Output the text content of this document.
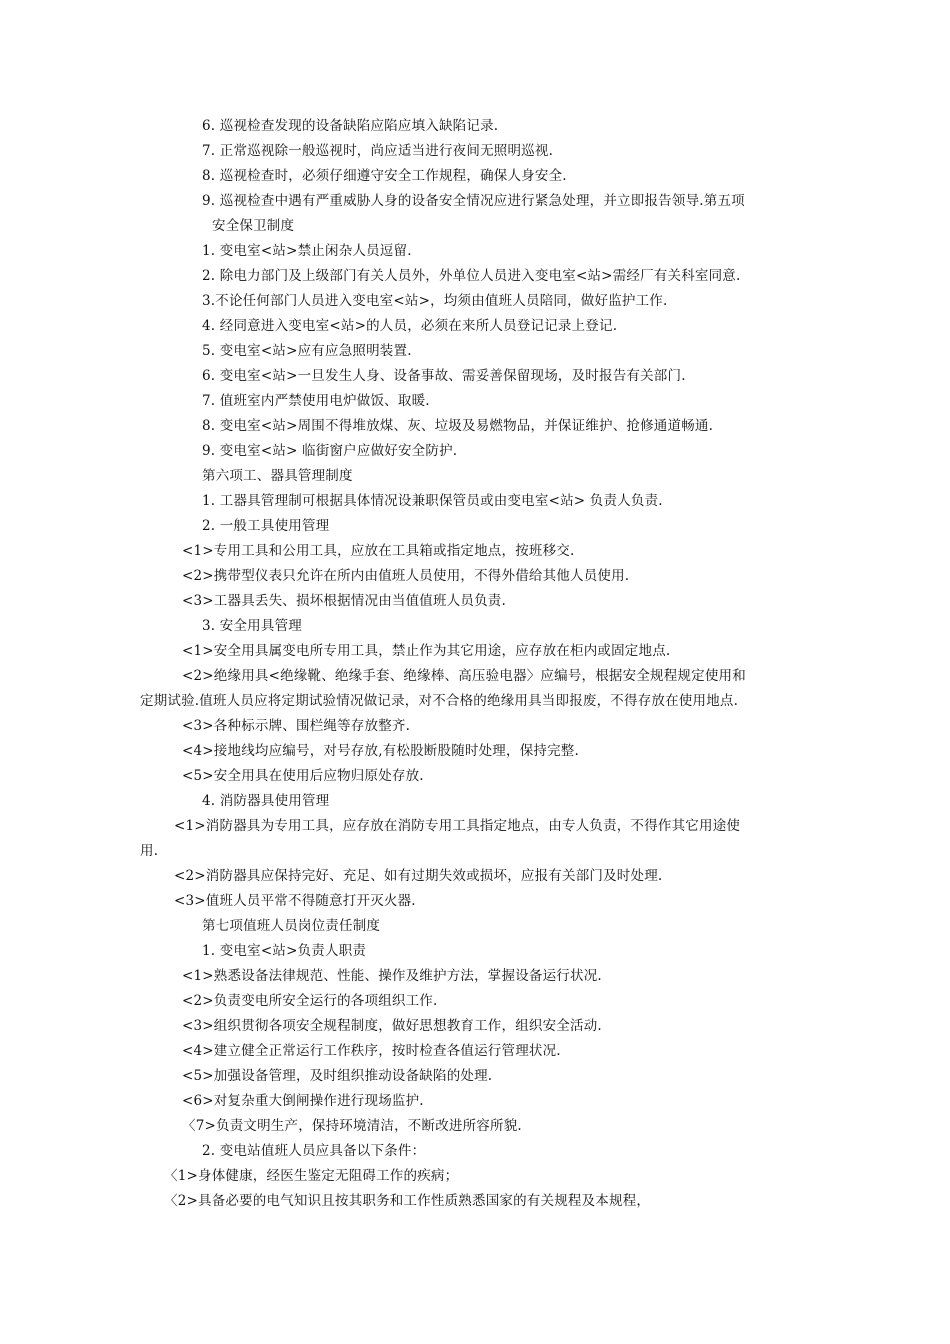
6. 巡视检查发现的设备缺陷应陷应填入缺陷记录.
7. 正常巡视除一般巡视时，尚应适当进行夜间无照明巡视.
8. 巡视检查时，必须仔细遵守安全工作规程，确保人身安全.
9. 巡视检查中遇有严重威胁人身的设备安全情况应进行紧急处理，并立即报告领导.第五项
安全保卫制度
1. 变电室<站>禁止闲杂人员逗留.
2. 除电力部门及上级部门有关人员外，外单位人员进入变电室<站>需经厂有关科室同意.
3.不论任何部门人员进入变电室<站>，均须由值班人员陪同，做好监护工作.
4. 经同意进入变电室<站>的人员，必须在来所人员登记记录上登记.
5. 变电室<站>应有应急照明装置.
6. 变电室<站>一旦发生人身、设备事故、需妥善保留现场，及时报告有关部门.
7. 值班室内严禁使用电炉做饭、取暖.
8. 变电室<站>周围不得堆放煤、灰、垃圾及易燃物品，并保证维护、抢修通道畅通.
9. 变电室<站> 临街窗户应做好安全防护.
第六项工、器具管理制度
1. 工器具管理制可根据具体情况设兼职保管员或由变电室<站> 负责人负责.
2. 一般工具使用管理
<1>专用工具和公用工具，应放在工具箱或指定地点，按班移交.
<2>携带型仪表只允许在所内由值班人员使用，不得外借给其他人员使用.
<3>工器具丢失、损坏根据情况由当值值班人员负责.
3. 安全用具管理
<1>安全用具属变电所专用工具，禁止作为其它用途，应存放在柜内或固定地点.
<2>绝缘用具<绝缘靴、绝缘手套、绝缘棒、高压验电器〉应编号，根据安全规程规定使用和
定期试验.值班人员应将定期试验情况做记录，对不合格的绝缘用具当即报废，不得存放在使用地点.
<3>各种标示牌、围栏绳等存放整齐.
<4>接地线均应编号，对号存放,有松股断股随时处理，保持完整.
<5>安全用具在使用后应物归原处存放.
4. 消防器具使用管理
<1>消防器具为专用工具，应存放在消防专用工具指定地点，由专人负责，不得作其它用途使
用.
<2>消防器具应保持完好、充足、如有过期失效或损坏，应报有关部门及时处理.
<3>值班人员平常不得随意打开灭火器.
第七项值班人员岗位责任制度
1. 变电室<站>负责人职责
<1>熟悉设备法律规范、性能、操作及维护方法，掌握设备运行状况.
<2>负责变电所安全运行的各项组织工作.
<3>组织贯彻各项安全规程制度，做好思想教育工作，组织安全活动.
<4>建立健全正常运行工作秩序，按时检查各值运行管理状况.
<5>加强设备管理，及时组织推动设备缺陷的处理.
<6>对复杂重大倒闸操作进行现场监护.
〈7>负责文明生产，保持环境清洁，不断改进所容所貌.
2. 变电站值班人员应具备以下条件：
〈1>身体健康，经医生鉴定无阻碍工作的疾病；
〈2>具备必要的电气知识且按其职务和工作性质熟悉国家的有关规程及本规程，
